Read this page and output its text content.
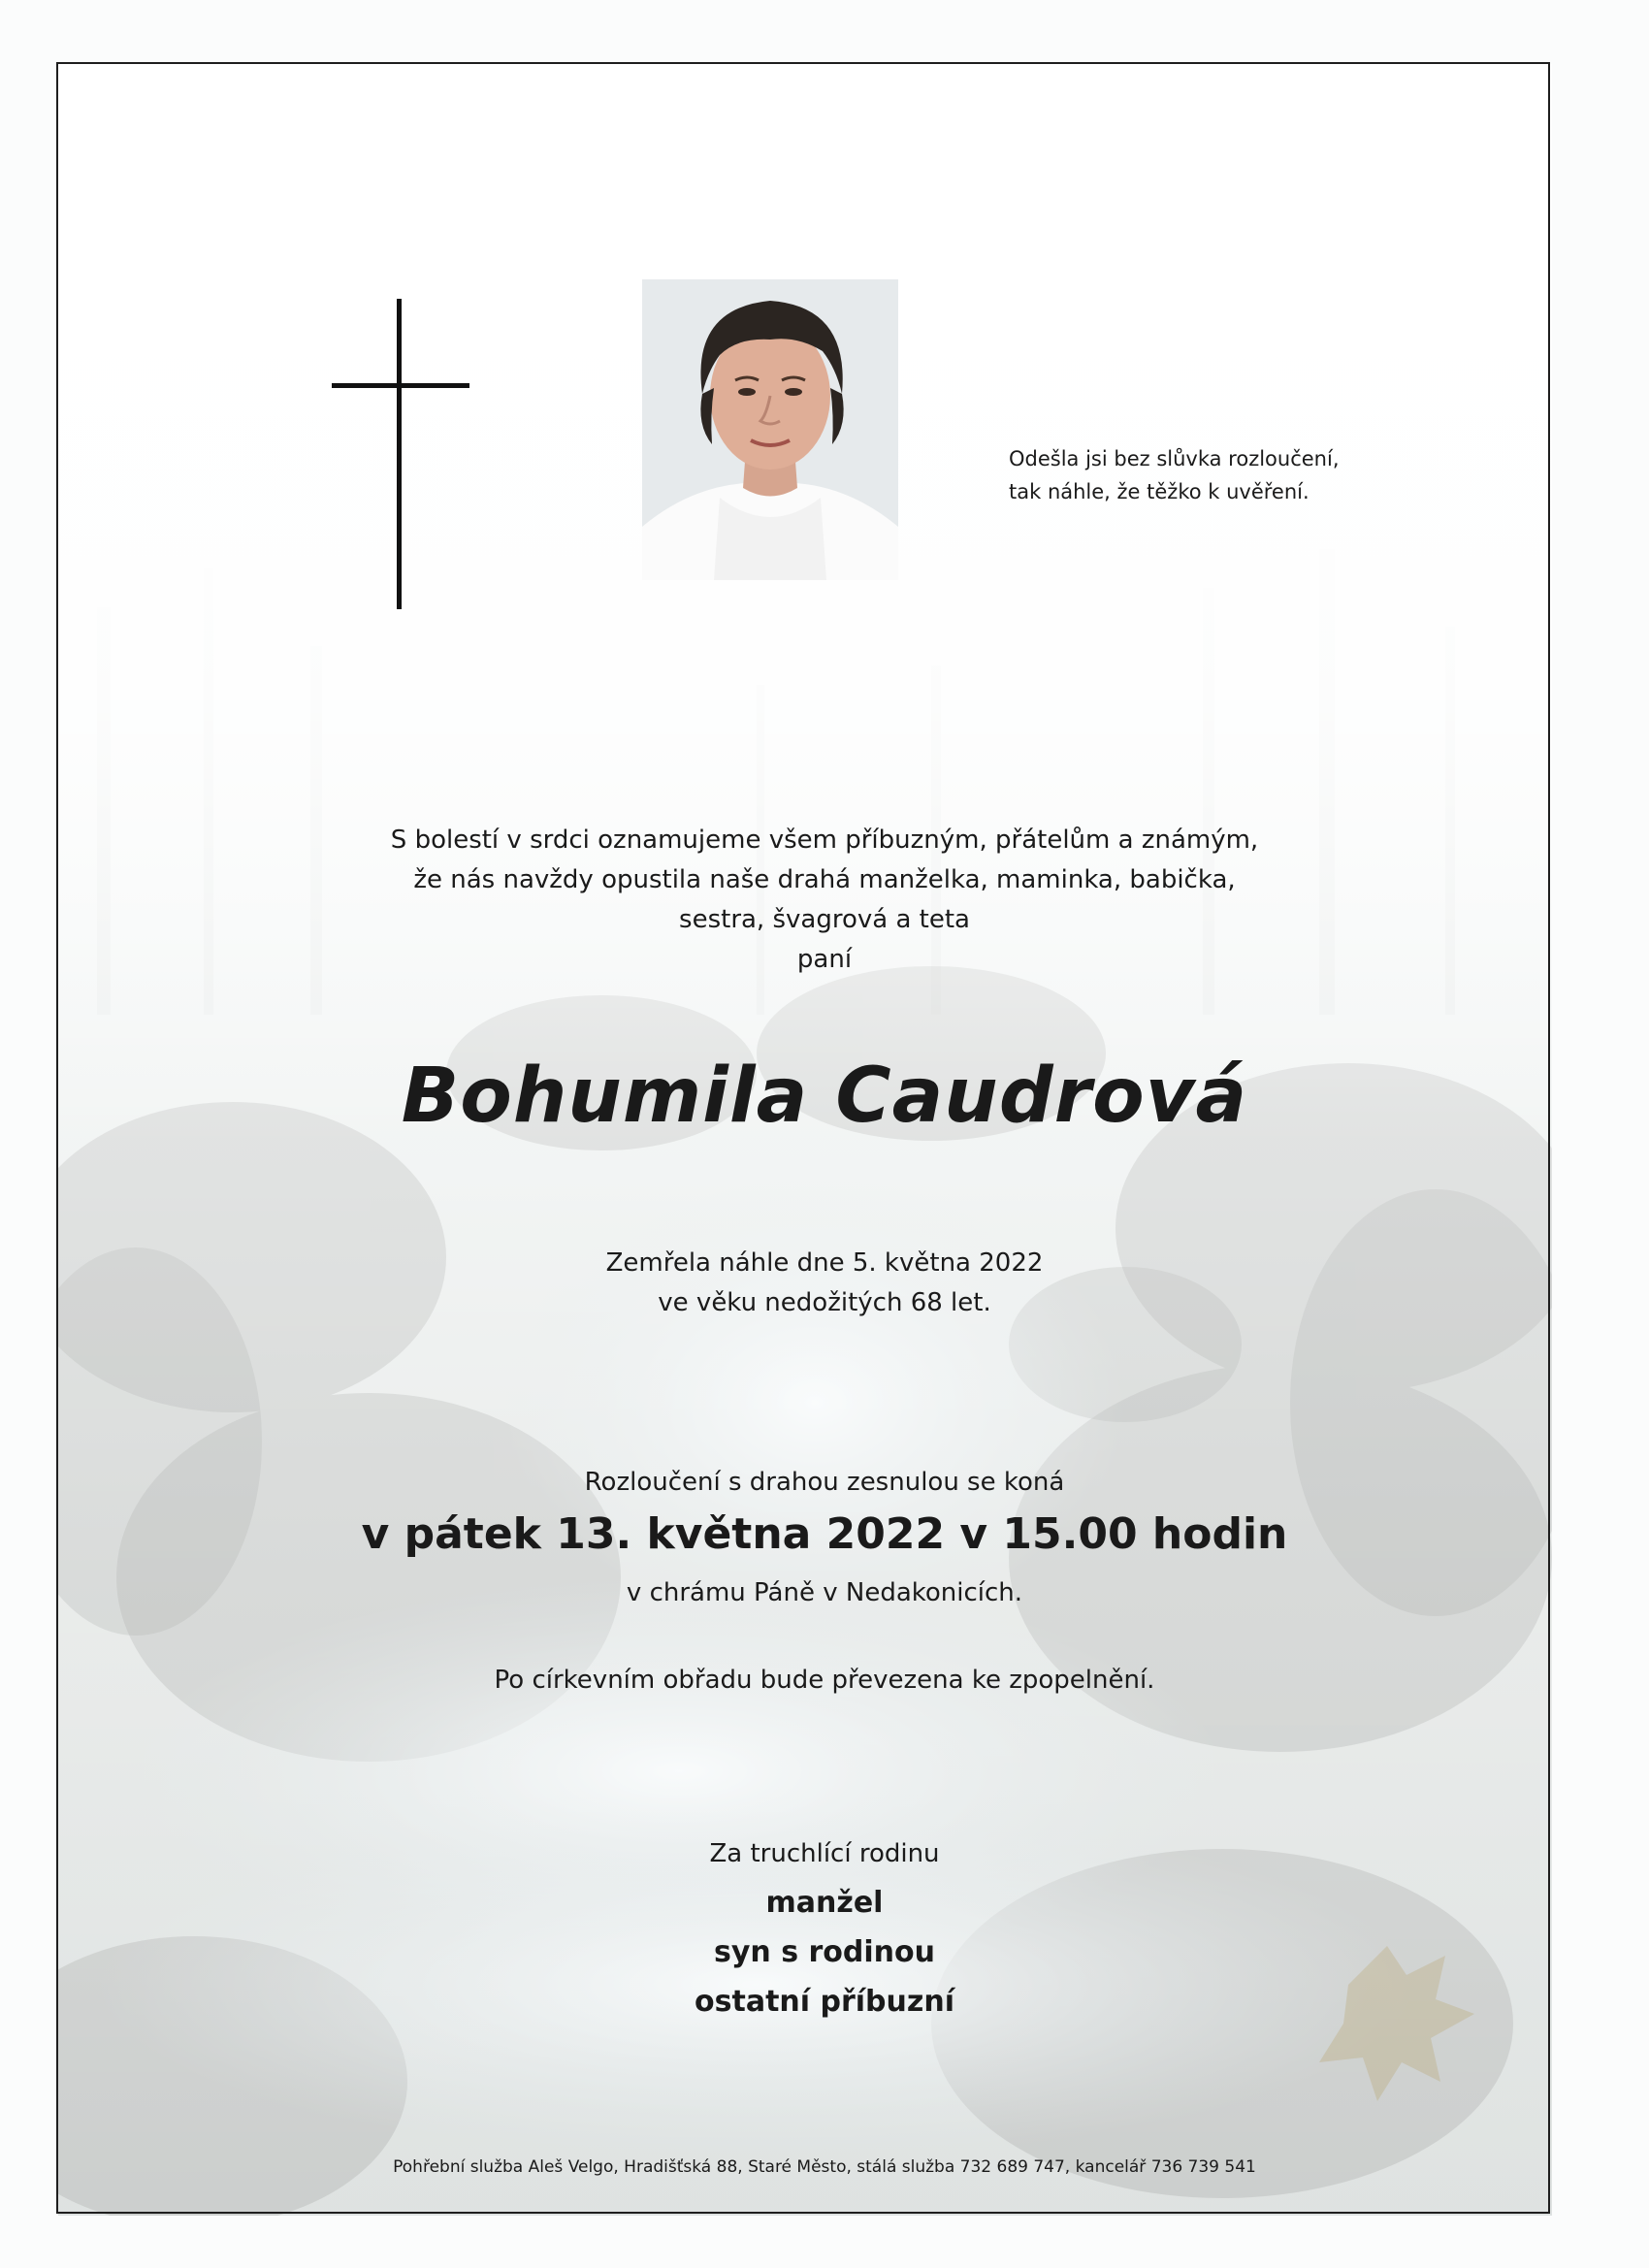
Odešla jsi bez slůvka rozloučení,
tak náhle, že těžko k uvěření.
S bolestí v srdci oznamujeme všem příbuzným, přátelům a známým,
že nás navždy opustila naše drahá manželka, maminka, babička,
sestra, švagrová a teta
paní
Bohumila Caudrová
Zemřela náhle dne 5. května 2022
ve věku nedožitých 68 let.
Rozloučení s drahou zesnulou se koná
v pátek 13. května 2022 v 15.00 hodin
v chrámu Páně v Nedakonicích.
Po církevním obřadu bude převezena ke zpopelnění.
Za truchlící rodinu
manžel
syn s rodinou
ostatní příbuzní
Pohřební služba Aleš Velgo, Hradišťská 88, Staré Město, stálá služba 732 689 747, kancelář 736 739 541
